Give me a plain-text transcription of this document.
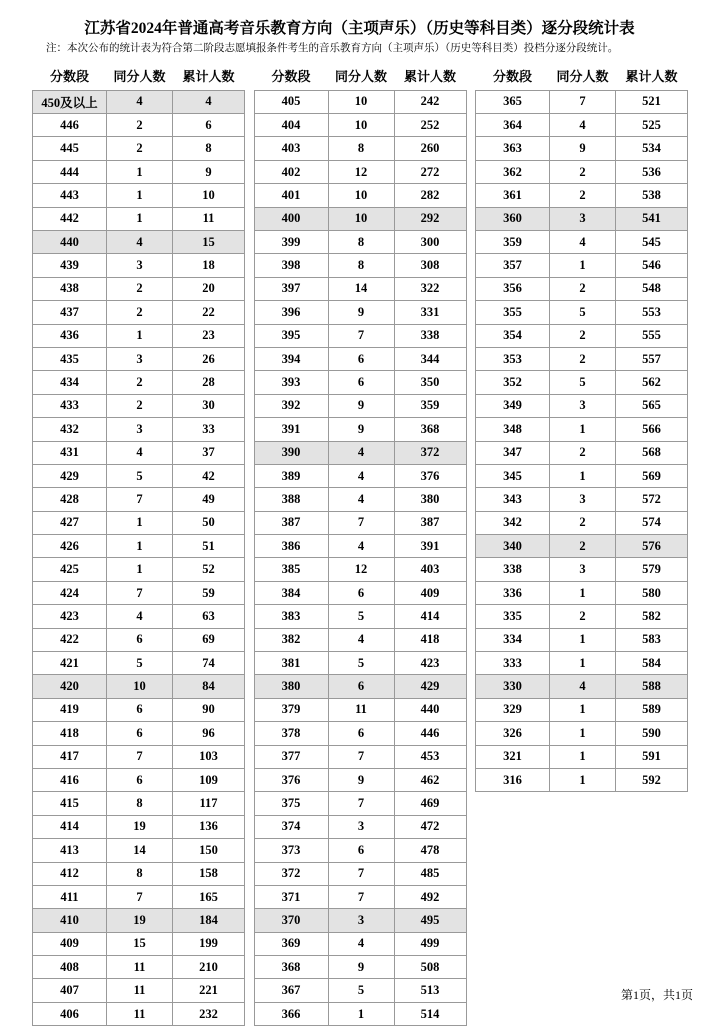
江苏省2024年普通高考音乐教育方向（主项声乐）（历史等科目类）逐分段统计表
注：本次公布的统计表为符合第二阶段志愿填报条件考生的音乐教育方向（主项声乐）（历史等科目类）投档分逐分段统计。
分数段	同分人数	累计人数
450及以上	4	4
446	2	6
445	2	8
444	1	9
443	1	10
442	1	11
440	4	15
439	3	18
438	2	20
437	2	22
436	1	23
435	3	26
434	2	28
433	2	30
432	3	33
431	4	37
429	5	42
428	7	49
427	1	50
426	1	51
425	1	52
424	7	59
423	4	63
422	6	69
421	5	74
420	10	84
419	6	90
418	6	96
417	7	103
416	6	109
415	8	117
414	19	136
413	14	150
412	8	158
411	7	165
410	19	184
409	15	199
408	11	210
407	11	221
406	11	232
分数段	同分人数	累计人数
405	10	242
404	10	252
403	8	260
402	12	272
401	10	282
400	10	292
399	8	300
398	8	308
397	14	322
396	9	331
395	7	338
394	6	344
393	6	350
392	9	359
391	9	368
390	4	372
389	4	376
388	4	380
387	7	387
386	4	391
385	12	403
384	6	409
383	5	414
382	4	418
381	5	423
380	6	429
379	11	440
378	6	446
377	7	453
376	9	462
375	7	469
374	3	472
373	6	478
372	7	485
371	7	492
370	3	495
369	4	499
368	9	508
367	5	513
366	1	514
分数段	同分人数	累计人数
365	7	521
364	4	525
363	9	534
362	2	536
361	2	538
360	3	541
359	4	545
357	1	546
356	2	548
355	5	553
354	2	555
353	2	557
352	5	562
349	3	565
348	1	566
347	2	568
345	1	569
343	3	572
342	2	574
340	2	576
338	3	579
336	1	580
335	2	582
334	1	583
333	1	584
330	4	588
329	1	589
326	1	590
321	1	591
316	1	592
第1页，共1页
